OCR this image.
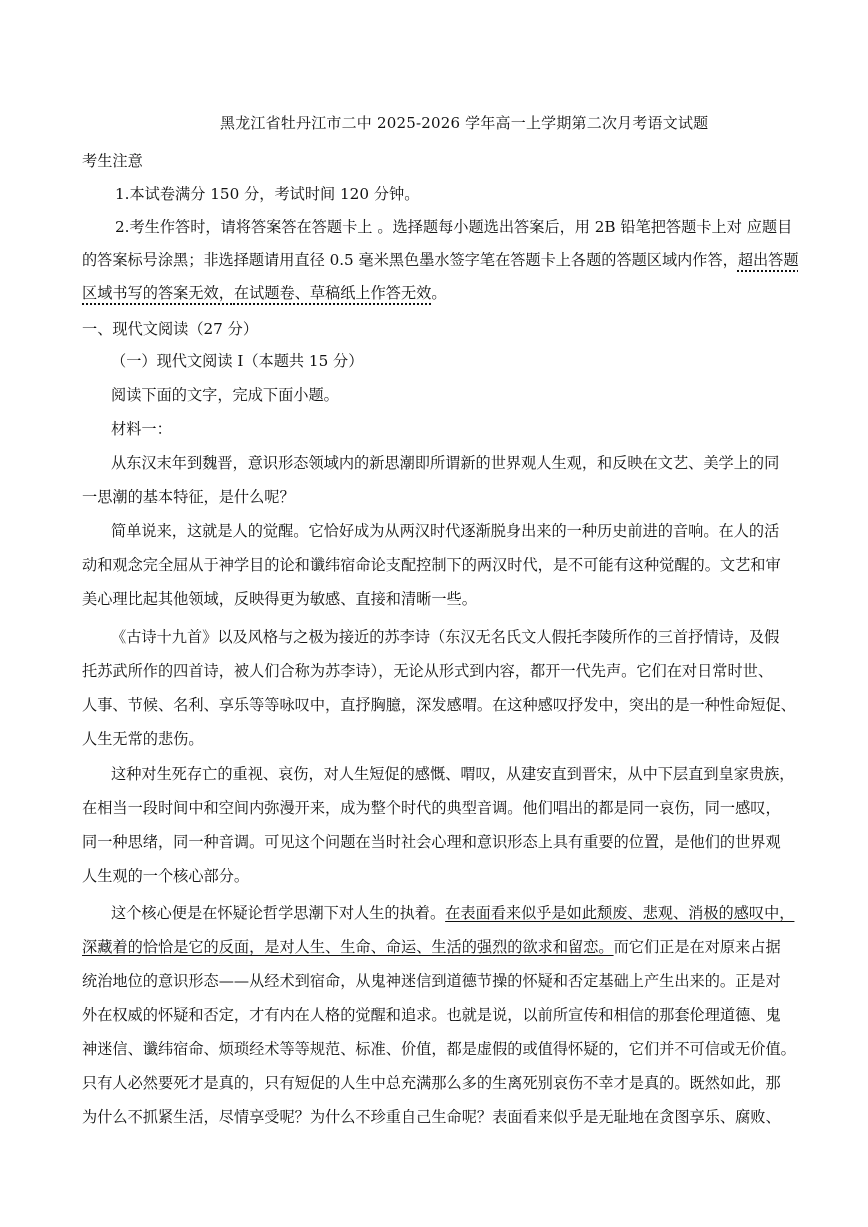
黑龙江省牡丹江市二中 2025-2026 学年高一上学期第二次月考语文试题
考生注意
1.本试卷满分 150 分，考试时间 120 分钟。
2.考生作答时，请将答案答在答题卡上 。选择题每小题选出答案后，用 2B 铅笔把答题卡上对 应题目
的答案标号涂黑；非选择题请用直径 0.5 毫米黑色墨水签字笔在答题卡上各题的答题区域内作答，超出答题
区域书写的答案无效，在试题卷、草稿纸上作答无效。
一、现代文阅读（27 分）
（一）现代文阅读 I（本题共 15 分）
阅读下面的文字，完成下面小题。
材料一：
从东汉末年到魏晋，意识形态领域内的新思潮即所谓新的世界观人生观，和反映在文艺、美学上的同
一思潮的基本特征，是什么呢？
简单说来，这就是人的觉醒。它恰好成为从两汉时代逐渐脱身出来的一种历史前进的音响。在人的活
动和观念完全屈从于神学目的论和谶纬宿命论支配控制下的两汉时代，是不可能有这种觉醒的。文艺和审
美心理比起其他领域，反映得更为敏感、直接和清晰一些。
《古诗十九首》以及风格与之极为接近的苏李诗（东汉无名氏文人假托李陵所作的三首抒情诗，及假
托苏武所作的四首诗，被人们合称为苏李诗），无论从形式到内容，都开一代先声。它们在对日常时世、
人事、节候、名利、享乐等等咏叹中，直抒胸臆，深发感喟。在这种感叹抒发中，突出的是一种性命短促、
人生无常的悲伤。
这种对生死存亡的重视、哀伤，对人生短促的感慨、喟叹，从建安直到晋宋，从中下层直到皇家贵族，
在相当一段时间中和空间内弥漫开来，成为整个时代的典型音调。他们唱出的都是同一哀伤，同一感叹，
同一种思绪，同一种音调。可见这个问题在当时社会心理和意识形态上具有重要的位置，是他们的世界观
人生观的一个核心部分。
这个核心便是在怀疑论哲学思潮下对人生的执着。在表面看来似乎是如此颓废、悲观、消极的感叹中，
深藏着的恰恰是它的反面，是对人生、生命、命运、生活的强烈的欲求和留恋。而它们正是在对原来占据
统治地位的意识形态——从经术到宿命，从鬼神迷信到道德节操的怀疑和否定基础上产生出来的。正是对
外在权威的怀疑和否定，才有内在人格的觉醒和追求。也就是说，以前所宣传和相信的那套伦理道德、鬼
神迷信、谶纬宿命、烦琐经术等等规范、标准、价值，都是虚假的或值得怀疑的，它们并不可信或无价值。
只有人必然要死才是真的，只有短促的人生中总充满那么多的生离死别哀伤不幸才是真的。既然如此，那
为什么不抓紧生活，尽情享受呢？为什么不珍重自己生命呢？表面看来似乎是无耻地在贪图享乐、腐败、
